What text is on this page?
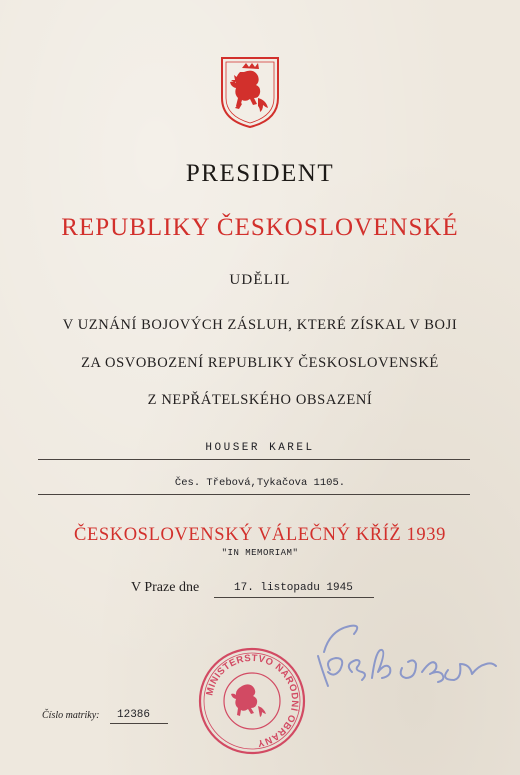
PRESIDENT
REPUBLIKY ČESKOSLOVENSKÉ
UDĚLIL
V UZNÁNÍ BOJOVÝCH ZÁSLUH, KTERÉ ZÍSKAL V BOJI
ZA OSVOBOZENÍ REPUBLIKY ČESKOSLOVENSKÉ
Z NEPŘÁTELSKÉHO OBSAZENÍ
HOUSER KAREL
Čes. Třebová,Tykačova 1105.
ČESKOSLOVENSKÝ VÁLEČNÝ KŘÍŽ 1939
"IN MEMORIAM"
V Praze dne	17. listopadu 1945
MINISTERSTVO NÁRODNÍ OBRANY
Číslo matriky: 12386
